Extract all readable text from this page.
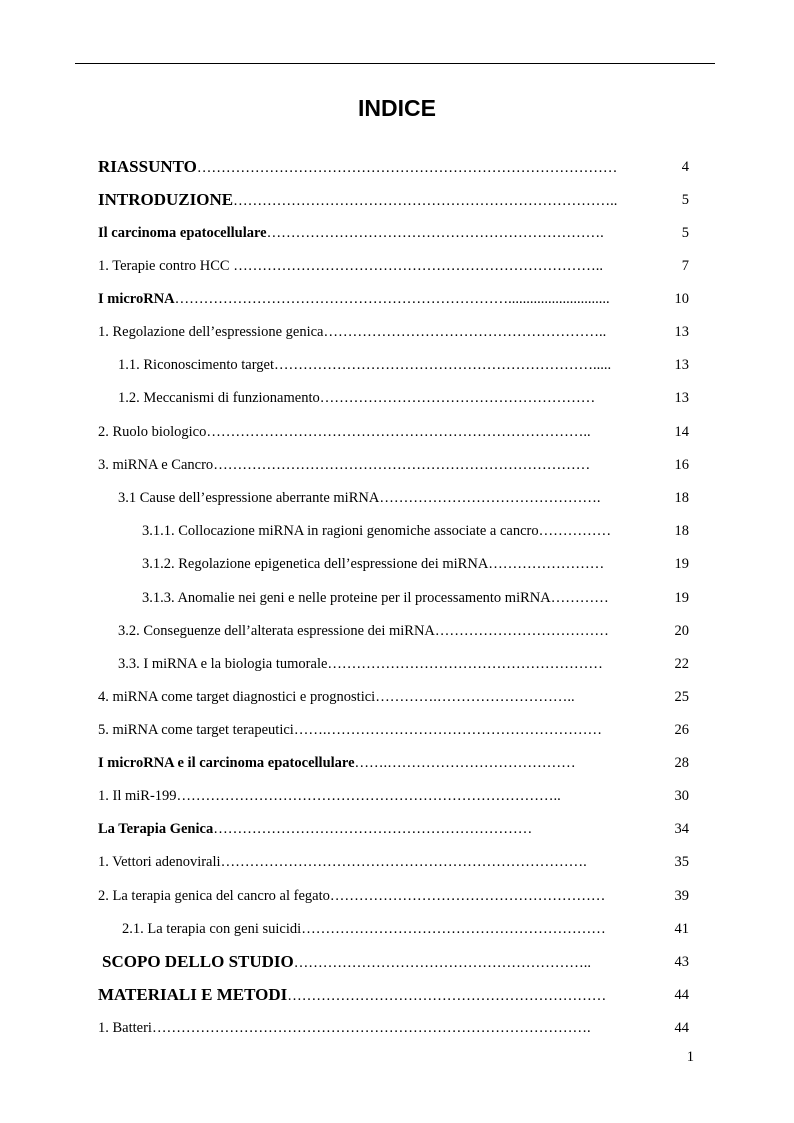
INDICE
RIASSUNTO……………………………………………………………………………	4
INTRODUZIONE……………………………………………………………………..	5
Il carcinoma epatocellulare…………………………………………………………….	5
1. Terapie contro HCC …………………………………………………………………..	7
I microRNA……………………………………………………………............................	10
1. Regolazione dell’espressione genica…………………………………………………..	13
1.1. Riconoscimento target………………………………………………………….....	13
1.2. Meccanismi di funzionamento…………………………………………………	13
2. Ruolo biologico……………………………………………………………………..	14
3. miRNA e Cancro……………………………………………………………………	16
3.1 Cause dell’espressione aberrante miRNA……………………………………….	18
3.1.1. Collocazione miRNA in ragioni genomiche associate a cancro……………	18
3.1.2. Regolazione epigenetica dell’espressione dei miRNA……………………	19
3.1.3. Anomalie nei geni e nelle proteine per il processamento miRNA…………	19
3.2. Conseguenze dell’alterata espressione dei miRNA………………………………	20
3.3. I miRNA e la biologia tumorale…………………………………………………	22
4. miRNA come target diagnostici e prognostici………….………………………..	25
5. miRNA come target terapeutici…….…………………………………………………	26
I microRNA e il carcinoma epatocellulare…….…………………………………	28
1. Il miR-199……………………………………………………………………..	30
La Terapia Genica…………………………………………………………	34
1. Vettori adenovirali………………………………………………………………….	35
2. La terapia genica del cancro al fegato…………………………………………………	39
2.1. La terapia con geni suicidi………………………………………………………	41
SCOPO DELLO STUDIO……………………………………………………..	43
MATERIALI E METODI…………………………………………………………	44
1. Batteri……………………………………………………………………………….	44
1
